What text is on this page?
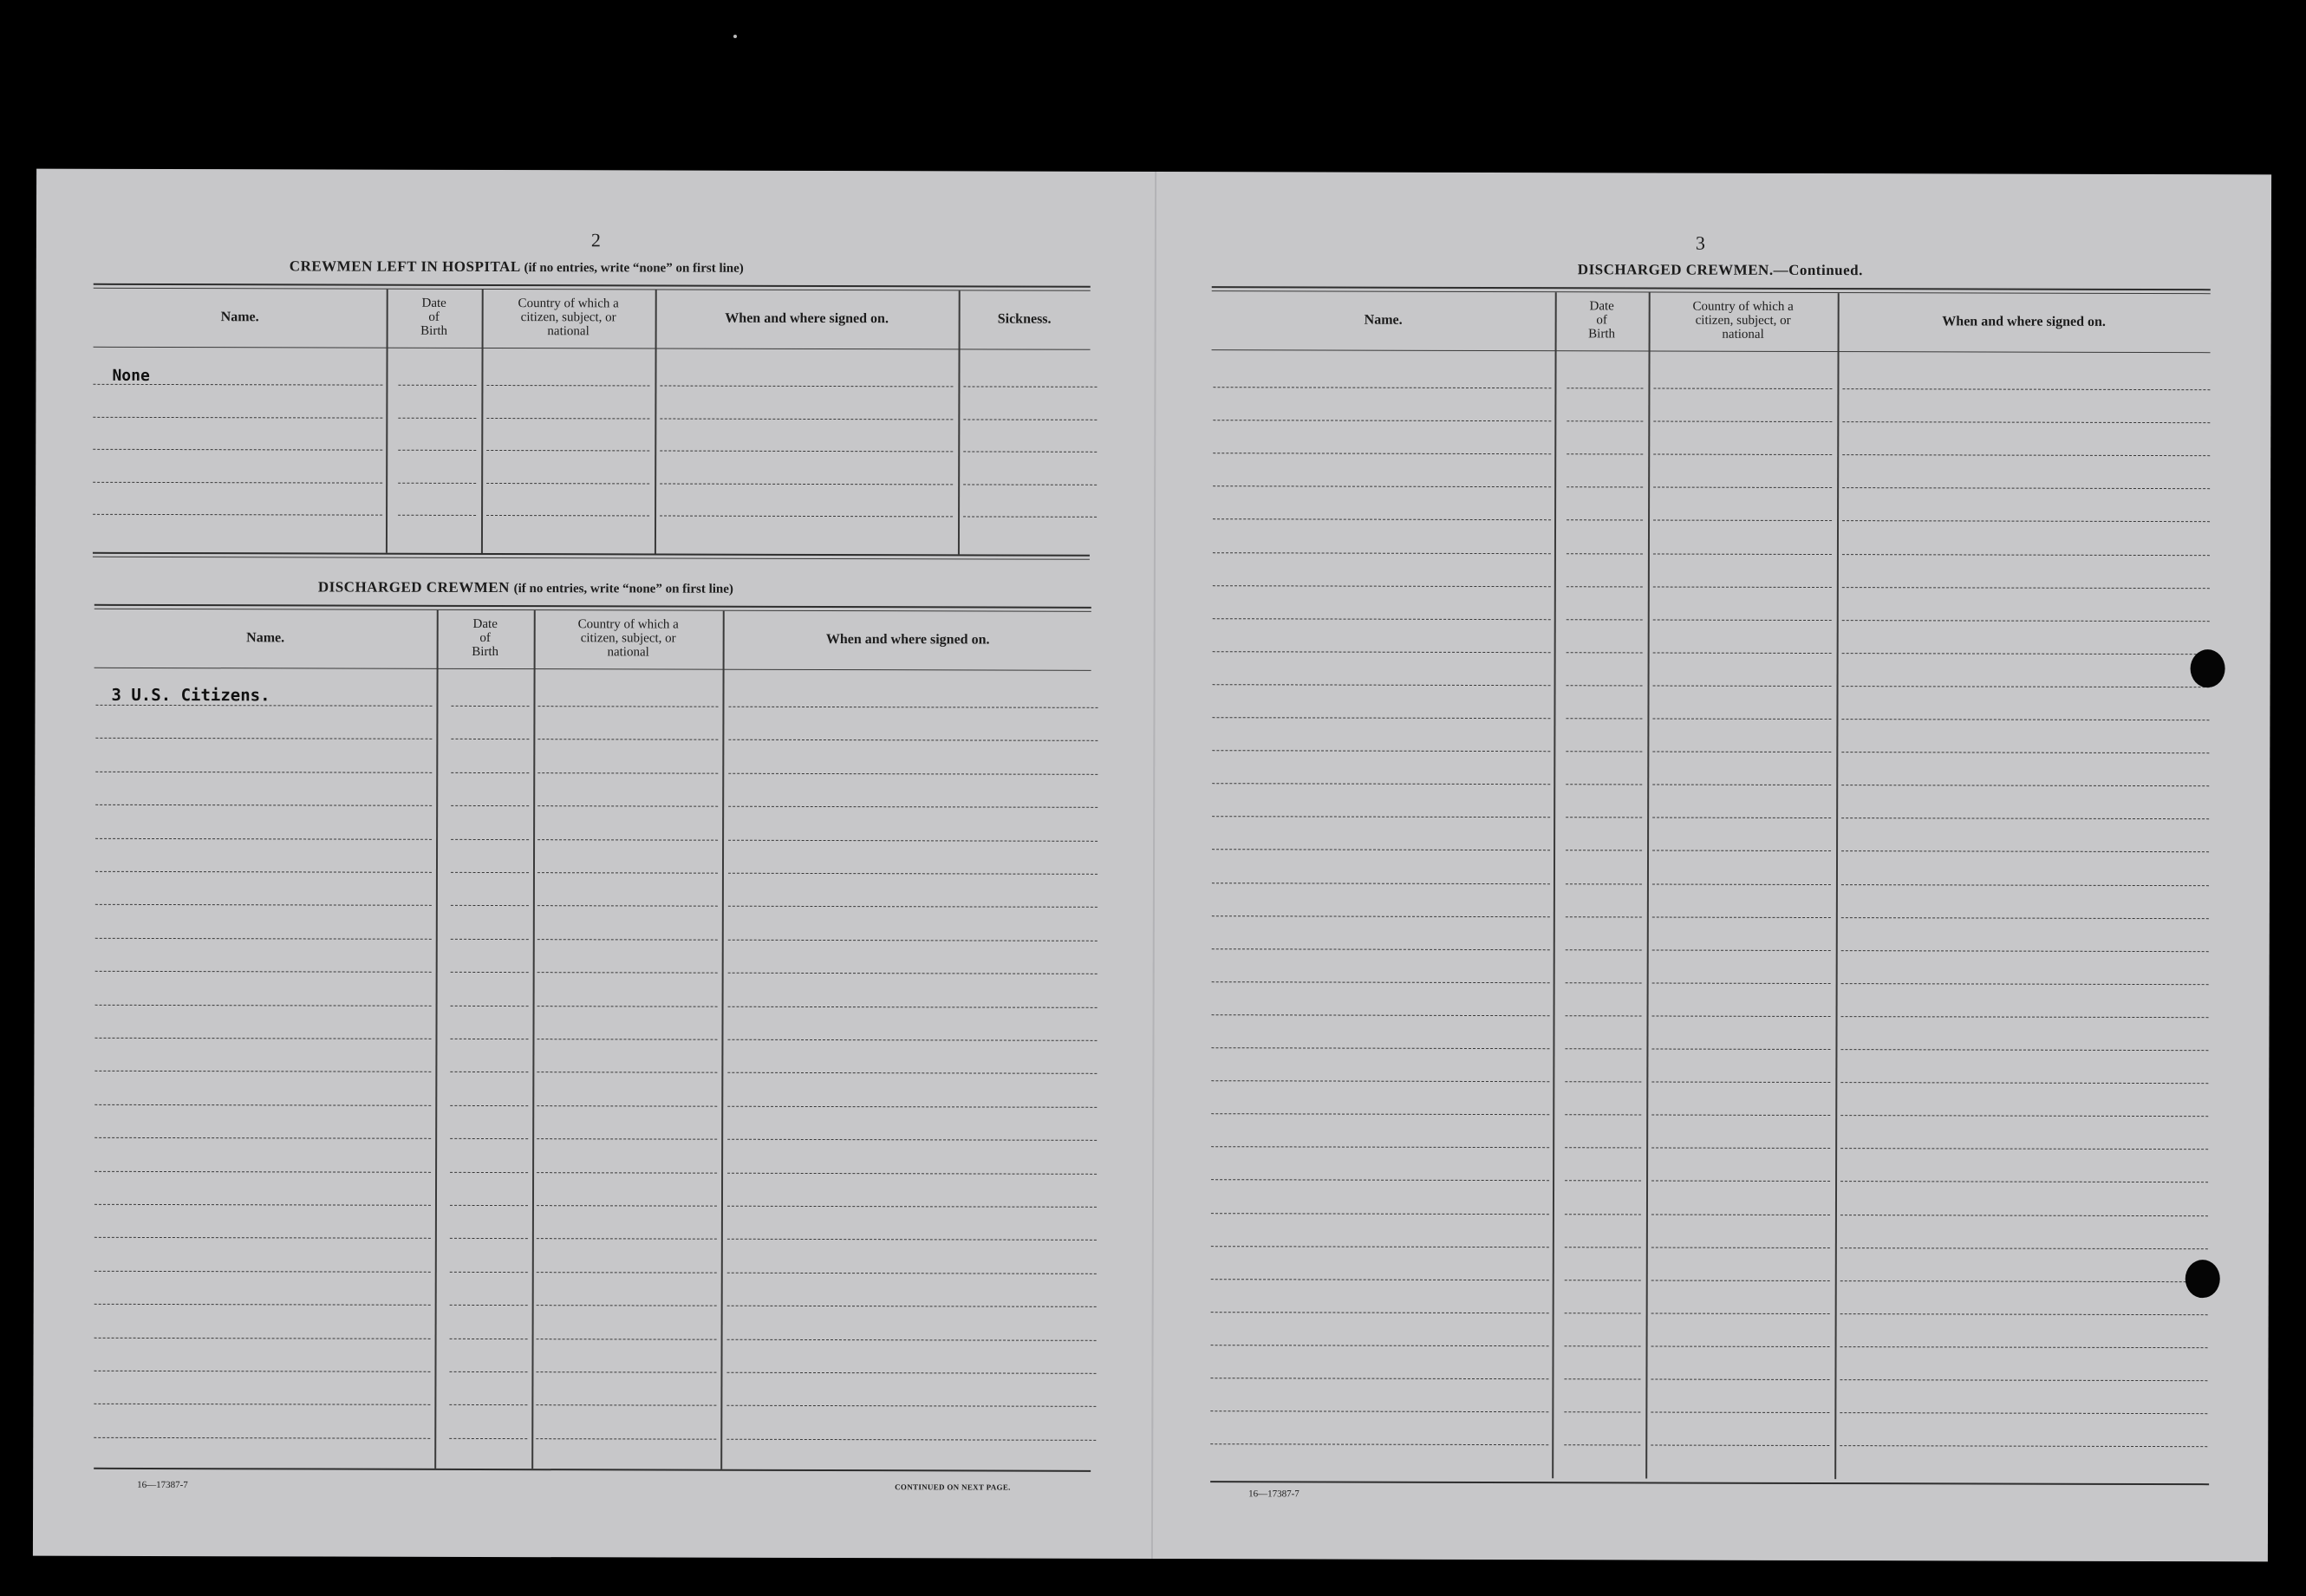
2
CREWMEN LEFT IN HOSPITAL (if no entries, write “none” on first line)
Name.
Date
of
Birth
Country of which a
citizen, subject, or
national
When and where signed on.	Sickness.
None
DISCHARGED CREWMEN (if no entries, write “none” on first line)
Name.
Date
of
Birth
Country of which a
citizen, subject, or
national
When and where signed on.
3 U.S. Citizens.
16—17387-7	CONTINUED ON NEXT PAGE.
3
DISCHARGED CREWMEN.—Continued.
Name.
Date
of
Birth
Country of which a
citizen, subject, or
national
When and where signed on.
16—17387-7
